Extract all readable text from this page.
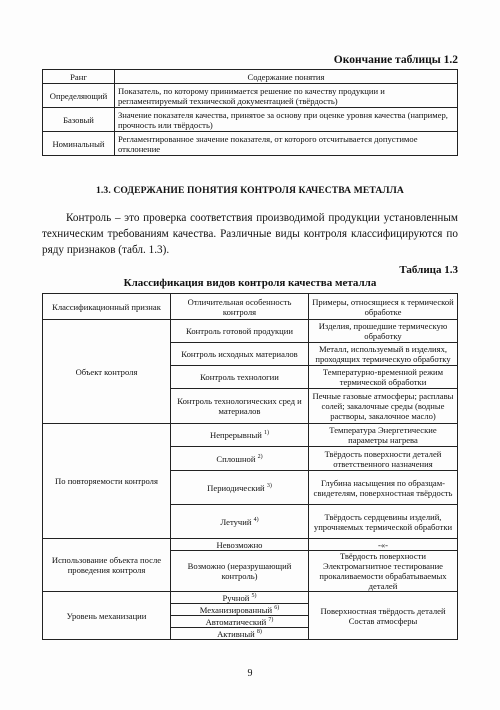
Окончание таблицы 1.2
Ранг	Содержание понятия
Определяющий	Показатель, по которому принимается решение по качеству продукции и регламентируемый технической документацией (твёрдость)
Базовый	Значение показателя качества, принятое за основу при оценке уровня качества (например, прочность или твёрдость)
Номинальный	Регламентированное значение показателя, от которого отсчитывается допустимое отклонение
1.3. СОДЕРЖАНИЕ ПОНЯТИЯ КОНТРОЛЯ КАЧЕСТВА МЕТАЛЛА

Контроль – это проверка соответствия производимой продукции установленным техническим требованиям качества. Различные виды контроля классифицируются по ряду признаков (табл. 1.3).

Таблица 1.3
Классификация видов контроля качества металла
Классификационный признак	Отличительная особенность контроля	Примеры, относящиеся к термической обработке
Объект контроля	Контроль готовой продукции	Изделия, прошедшие термическую обработку
	Контроль исходных материалов	Металл, используемый в изделиях, проходящих термическую обработку
	Контроль технологии	Температурно-временной режим термической обработки
	Контроль технологических сред и материалов	Печные газовые атмосферы; расплавы солей; закалочные среды (водные растворы, закалочное масло)
По повторяемости контроля	Непрерывный $^{1)}$	Температура Энергетические параметры нагрева
	Сплошной $^{2)}$	Твёрдость поверхности деталей ответственного назначения
	Периодический $^{3)}$	Глубина насыщения по образцам-свидетелям, поверхностная твёрдость
	Летучий $^{4)}$	Твёрдость сердцевины изделий, упрочняемых термической обработки
Использование объекта после проведения контроля	Невозможно	-«-
	Возможно (неразрушающий контроль)	Твёрдость поверхности Электромагнитное тестирование прокаливаемости обрабатываемых деталей
Уровень механизации	Ручной $^{5)}$	Поверхностная твёрдость деталей Состав атмосферы
	Механизированный $^{6)}$
	Автоматический $^{7)}$
	Активный $^{8)}$
9
